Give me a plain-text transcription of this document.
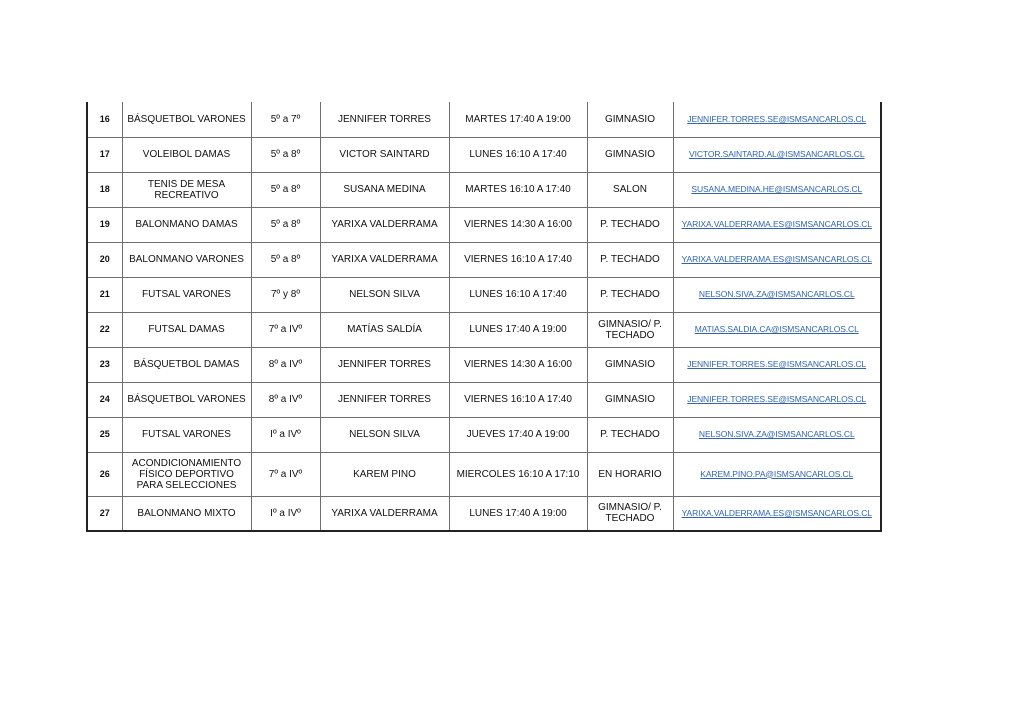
16	BÁSQUETBOL VARONES	5º a 7º	JENNIFER TORRES	MARTES 17:40 A 19:00	GIMNASIO	JENNIFER.TORRES.SE@ISMSANCARLOS.CL
17	VOLEIBOL DAMAS	5º a 8º	VICTOR SAINTARD	LUNES 16:10 A 17:40	GIMNASIO	VICTOR.SAINTARD.AL@ISMSANCARLOS.CL
18	TENIS DE MESA RECREATIVO	5º a 8º	SUSANA MEDINA	MARTES 16:10 A 17:40	SALON	SUSANA.MEDINA.HE@ISMSANCARLOS.CL
19	BALONMANO DAMAS	5º a 8º	YARIXA VALDERRAMA	VIERNES 14:30 A 16:00	P. TECHADO	YARIXA.VALDERRAMA.ES@ISMSANCARLOS.CL
20	BALONMANO VARONES	5º a 8º	YARIXA VALDERRAMA	VIERNES 16:10 A 17:40	P. TECHADO	YARIXA.VALDERRAMA.ES@ISMSANCARLOS.CL
21	FUTSAL VARONES	7º y 8º	NELSON SILVA	LUNES 16:10 A 17:40	P. TECHADO	NELSON.SIVA.ZA@ISMSANCARLOS.CL
22	FUTSAL DAMAS	7º a IVº	MATÍAS SALDÍA	LUNES 17:40 A 19:00	GIMNASIO/ P. TECHADO	MATIAS.SALDIA.CA@ISMSANCARLOS.CL
23	BÁSQUETBOL DAMAS	8º a IVº	JENNIFER TORRES	VIERNES 14:30 A 16:00	GIMNASIO	JENNIFER.TORRES.SE@ISMSANCARLOS.CL
24	BÁSQUETBOL VARONES	8º a IVº	JENNIFER TORRES	VIERNES 16:10 A 17:40	GIMNASIO	JENNIFER.TORRES.SE@ISMSANCARLOS.CL
25	FUTSAL VARONES	Iº a IVº	NELSON SILVA	JUEVES 17:40 A 19:00	P. TECHADO	NELSON.SIVA.ZA@ISMSANCARLOS.CL
26	ACONDICIONAMIENTO FÍSICO DEPORTIVO PARA SELECCIONES	7º a IVº	KAREM PINO	MIERCOLES 16:10 A 17:10	EN HORARIO	KAREM.PINO.PA@ISMSANCARLOS.CL
27	BALONMANO MIXTO	Iº a IVº	YARIXA VALDERRAMA	LUNES 17:40 A 19:00	GIMNASIO/ P. TECHADO	YARIXA.VALDERRAMA.ES@ISMSANCARLOS.CL
